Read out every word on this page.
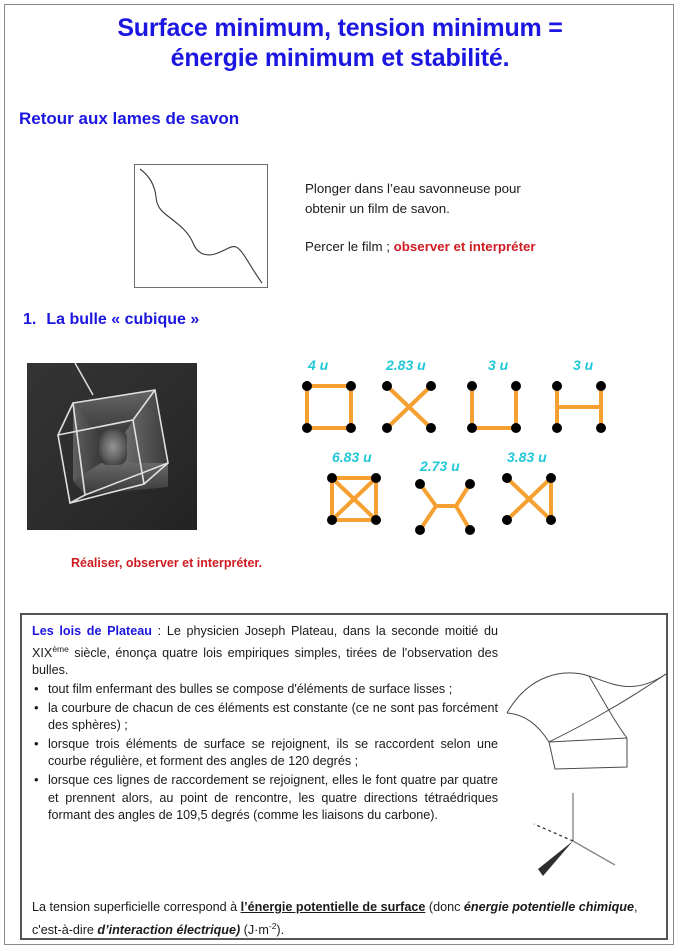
Surface minimum, tension minimum =
énergie minimum et stabilité.
Retour aux lames de savon
Plonger dans l’eau savonneuse pour obtenir un film de savon.
Percer le film ; observer et interpréter
1. La bulle « cubique »
Réaliser, observer et interpréter.
4 u	2.83 u	3 u	3 u
6.83 u
2.73 u
3.83 u
Les lois de Plateau : Le physicien Joseph Plateau, dans la seconde moitié du XIXème siècle, énonça quatre lois empiriques simples, tirées de l'observation des bulles.
• tout film enfermant des bulles se compose d'éléments de surface lisses ;
• la courbure de chacun de ces éléments est constante (ce ne sont pas forcément des sphères) ;
• lorsque trois éléments de surface se rejoignent, ils se raccordent selon une courbe régulière, et forment des angles de 120 degrés ;
• lorsque ces lignes de raccordement se rejoignent, elles le font quatre par quatre et prennent alors, au point de rencontre, les quatre directions tétraédriques formant des angles de 109,5 degrés (comme les liaisons du carbone).
La tension superficielle correspond à l’énergie potentielle de surface (donc énergie potentielle chimique, c'est-à-dire d’interaction électrique) $(J\cdot m^{-2})$.
